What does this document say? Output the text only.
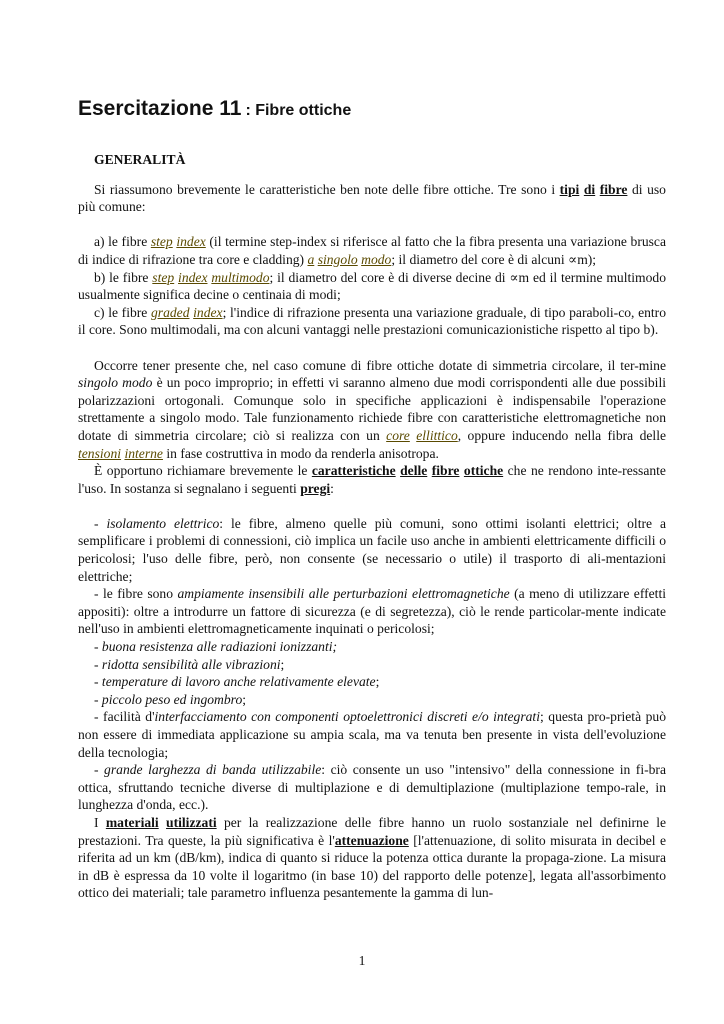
Esercitazione 11 : Fibre ottiche
GENERALITÀ

Si riassumono brevemente le caratteristiche ben note delle fibre ottiche. Tre sono i tipi di fibre di uso più comune:

a) le fibre step index (il termine step-index si riferisce al fatto che la fibra presenta una variazione brusca di indice di rifrazione tra core e cladding) a singolo modo; il diametro del core è di alcuni ∝m);

b) le fibre step index multimodo; il diametro del core è di diverse decine di ∝m ed il termine multimodo usualmente significa decine o centinaia di modi;

c) le fibre graded index; l'indice di rifrazione presenta una variazione graduale, di tipo paraboli-co, entro il core. Sono multimodali, ma con alcuni vantaggi nelle prestazioni comunicazionistiche rispetto al tipo b).

Occorre tener presente che, nel caso comune di fibre ottiche dotate di simmetria circolare, il ter-mine singolo modo è un poco improprio; in effetti vi saranno almeno due modi corrispondenti alle due possibili polarizzazioni ortogonali. Comunque solo in specifiche applicazioni è indispensabile l'operazione strettamente a singolo modo. Tale funzionamento richiede fibre con caratteristiche elettromagnetiche non dotate di simmetria circolare; ciò si realizza con un core ellittico, oppure inducendo nella fibra delle tensioni interne in fase costruttiva in modo da renderla anisotropa.

È opportuno richiamare brevemente le caratteristiche delle fibre ottiche che ne rendono inte-ressante l'uso. In sostanza si segnalano i seguenti pregi:

- isolamento elettrico: le fibre, almeno quelle più comuni, sono ottimi isolanti elettrici; oltre a semplificare i problemi di connessioni, ciò implica un facile uso anche in ambienti elettricamente difficili o pericolosi; l'uso delle fibre, però, non consente (se necessario o utile) il trasporto di ali-mentazioni elettriche;

- le fibre sono ampiamente insensibili alle perturbazioni elettromagnetiche (a meno di utilizzare effetti appositi): oltre a introdurre un fattore di sicurezza (e di segretezza), ciò le rende particolar-mente indicate nell'uso in ambienti elettromagneticamente inquinati o pericolosi;

- buona resistenza alle radiazioni ionizzanti;

- ridotta sensibilità alle vibrazioni;

- temperature di lavoro anche relativamente elevate;

- piccolo peso ed ingombro;

- facilità d'interfacciamento con componenti optoelettronici discreti e/o integrati; questa pro-prietà può non essere di immediata applicazione su ampia scala, ma va tenuta ben presente in vista dell'evoluzione della tecnologia;

- grande larghezza di banda utilizzabile: ciò consente un uso "intensivo" della connessione in fi-bra ottica, sfruttando tecniche diverse di multiplazione e di demultiplazione (multiplazione tempo-rale, in lunghezza d'onda, ecc.).

I materiali utilizzati per la realizzazione delle fibre hanno un ruolo sostanziale nel definirne le prestazioni. Tra queste, la più significativa è l'attenuazione [l'attenuazione, di solito misurata in decibel e riferita ad un km (dB/km), indica di quanto si riduce la potenza ottica durante la propaga-zione. La misura in dB è espressa da 10 volte il logaritmo (in base 10) del rapporto delle potenze], legata all'assorbimento ottico dei materiali; tale parametro influenza pesantemente la gamma di lun-

1
